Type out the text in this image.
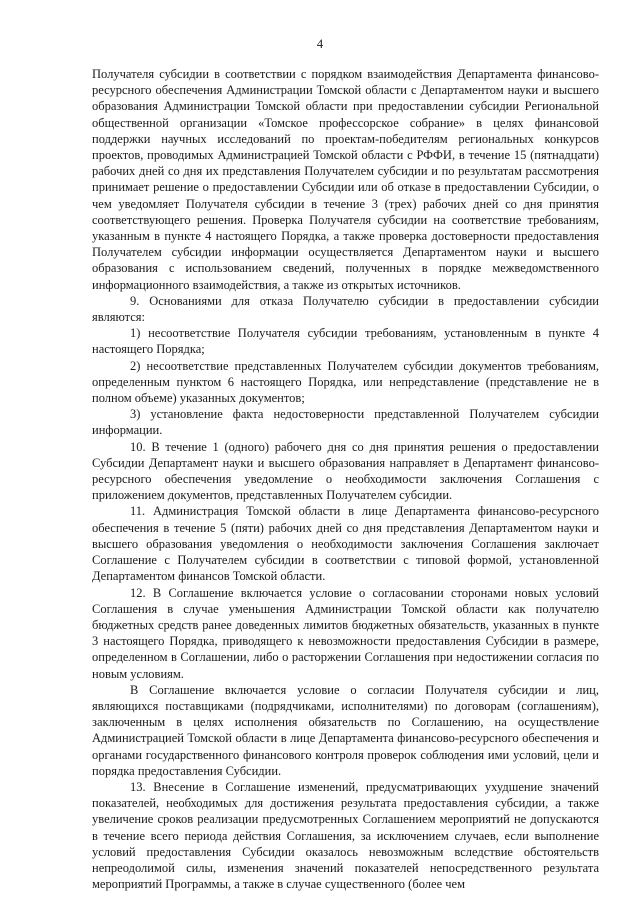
4

Получателя субсидии в соответствии с порядком взаимодействия Департамента финансово-ресурсного обеспечения Администрации Томской области с Департаментом науки и высшего образования Администрации Томской области при предоставлении субсидии Региональной общественной организации «Томское профессорское собрание» в целях финансовой поддержки научных исследований по проектам-победителям региональных конкурсов проектов, проводимых Администрацией Томской области с РФФИ, в течение 15 (пятнадцати) рабочих дней со дня их представления Получателем субсидии и по результатам рассмотрения принимает решение о предоставлении Субсидии или об отказе в предоставлении Субсидии, о чем уведомляет Получателя субсидии в течение 3 (трех) рабочих дней со дня принятия соответствующего решения. Проверка Получателя субсидии на соответствие требованиям, указанным в пункте 4 настоящего Порядка, а также проверка достоверности предоставления Получателем субсидии информации осуществляется Департаментом науки и высшего образования с использованием сведений, полученных в порядке межведомственного информационного взаимодействия, а также из открытых источников.

9. Основаниями для отказа Получателю субсидии в предоставлении субсидии являются:

1) несоответствие Получателя субсидии требованиям, установленным в пункте 4 настоящего Порядка;

2) несоответствие представленных Получателем субсидии документов требованиям, определенным пунктом 6 настоящего Порядка, или непредставление (представление не в полном объеме) указанных документов;

3) установление факта недостоверности представленной Получателем субсидии информации.

10. В течение 1 (одного) рабочего дня со дня принятия решения о предоставлении Субсидии Департамент науки и высшего образования направляет в Департамент финансово-ресурсного обеспечения уведомление о необходимости заключения Соглашения с приложением документов, представленных Получателем субсидии.

11. Администрация Томской области в лице Департамента финансово-ресурсного обеспечения в течение 5 (пяти) рабочих дней со дня представления Департаментом науки и высшего образования уведомления о необходимости заключения Соглашения заключает Соглашение с Получателем субсидии в соответствии с типовой формой, установленной Департаментом финансов Томской области.

12. В Соглашение включается условие о согласовании сторонами новых условий Соглашения в случае уменьшения Администрации Томской области как получателю бюджетных средств ранее доведенных лимитов бюджетных обязательств, указанных в пункте 3 настоящего Порядка, приводящего к невозможности предоставления Субсидии в размере, определенном в Соглашении, либо о расторжении Соглашения при недостижении согласия по новым условиям.

В Соглашение включается условие о согласии Получателя субсидии и лиц, являющихся поставщиками (подрядчиками, исполнителями) по договорам (соглашениям), заключенным в целях исполнения обязательств по Соглашению, на осуществление Администрацией Томской области в лице Департамента финансово-ресурсного обеспечения и органами государственного финансового контроля проверок соблюдения ими условий, цели и порядка предоставления Субсидии.

13. Внесение в Соглашение изменений, предусматривающих ухудшение значений показателей, необходимых для достижения результата предоставления субсидии, а также увеличение сроков реализации предусмотренных Соглашением мероприятий не допускаются в течение всего периода действия Соглашения, за исключением случаев, если выполнение условий предоставления Субсидии оказалось невозможным вследствие обстоятельств непреодолимой силы, изменения значений показателей непосредственного результата мероприятий Программы, а также в случае существенного (более чем
